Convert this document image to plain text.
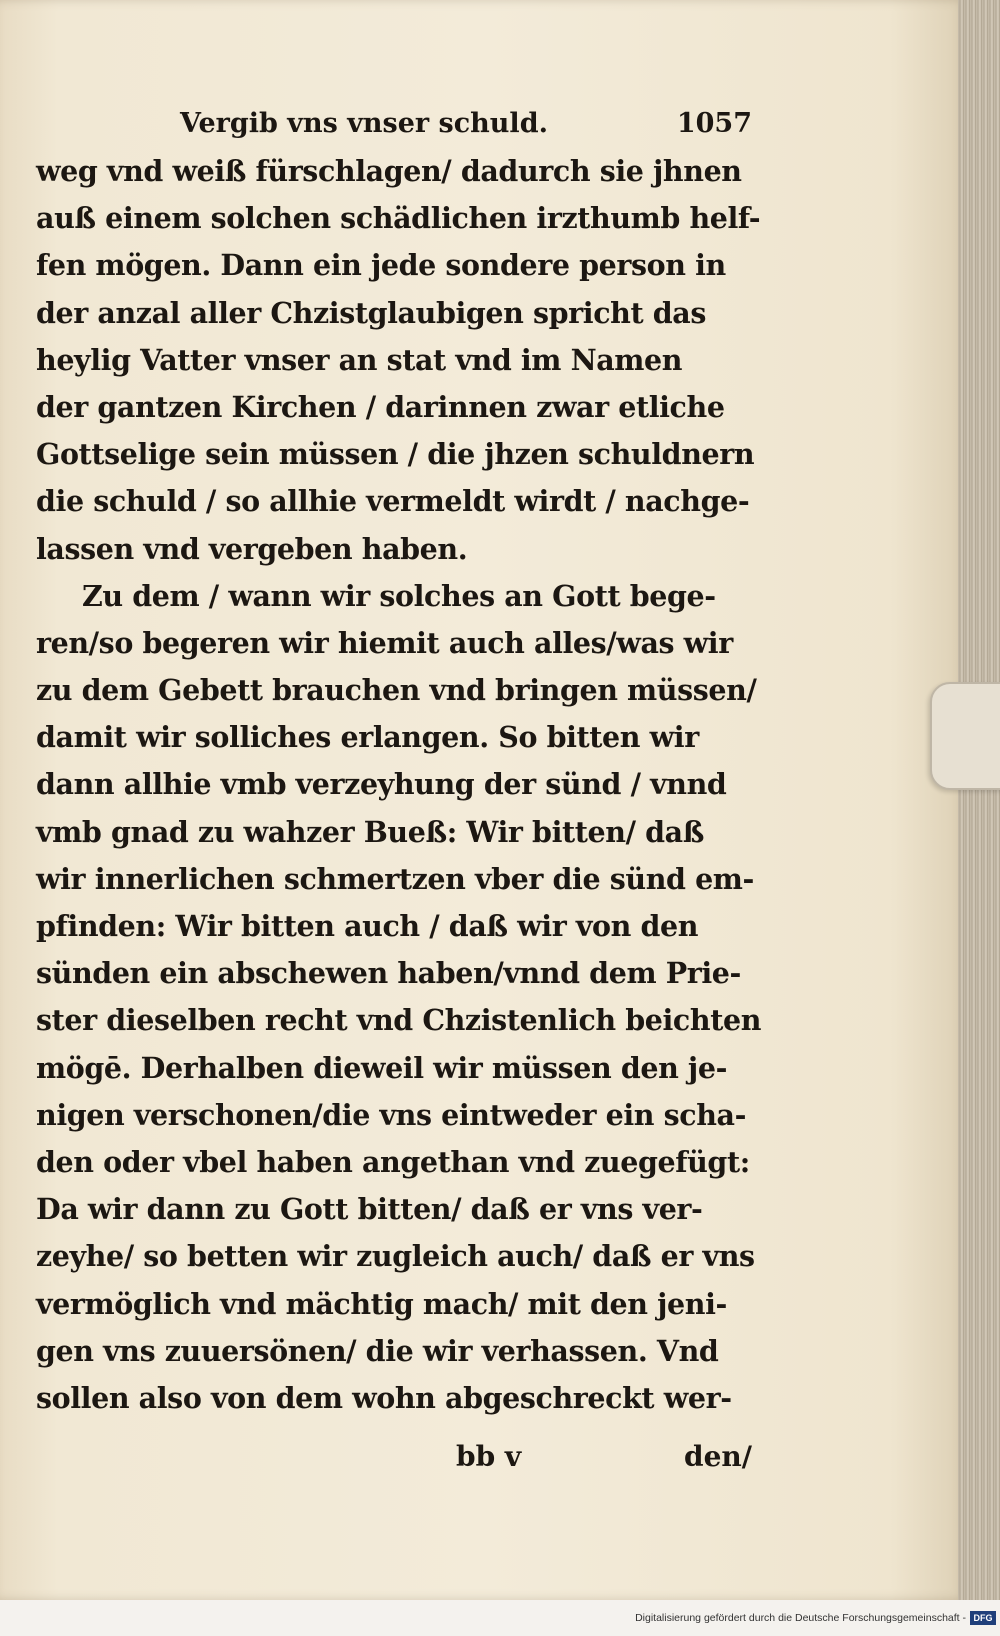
Vergib vns vnser schuld.	1057
weg vnd weiß fürschlagen/ dadurch sie jhnen
auß einem solchen schädlichen irzthumb helf-
fen mögen. Dann ein jede sondere person in
der anzal aller Chzistglaubigen spricht das
heylig Vatter vnser an stat vnd im Namen
der gantzen Kirchen / darinnen zwar etliche
Gottselige sein müssen / die jhzen schuldnern
die schuld / so allhie vermeldt wirdt / nachge-
lassen vnd vergeben haben.
Zu dem / wann wir solches an Gott bege-
ren/so begeren wir hiemit auch alles/was wir
zu dem Gebett brauchen vnd bringen müssen/
damit wir solliches erlangen. So bitten wir
dann allhie vmb verzeyhung der sünd / vnnd
vmb gnad zu wahzer Bueß: Wir bitten/ daß
wir innerlichen schmertzen vber die sünd em-
pfinden: Wir bitten auch / daß wir von den
sünden ein abschewen haben/vnnd dem Prie-
ster dieselben recht vnd Chzistenlich beichten
mögē. Derhalben dieweil wir müssen den je-
nigen verschonen/die vns eintweder ein scha-
den oder vbel haben angethan vnd zuegefügt:
Da wir dann zu Gott bitten/ daß er vns ver-
zeyhe/ so betten wir zugleich auch/ daß er vns
vermöglich vnd mächtig mach/ mit den jeni-
gen vns zuuersönen/ die wir verhassen. Vnd
sollen also von dem wohn abgeschreckt wer-
bb v	den/
Digitalisierung gefördert durch die Deutsche Forschungsgemeinschaft - DFG
